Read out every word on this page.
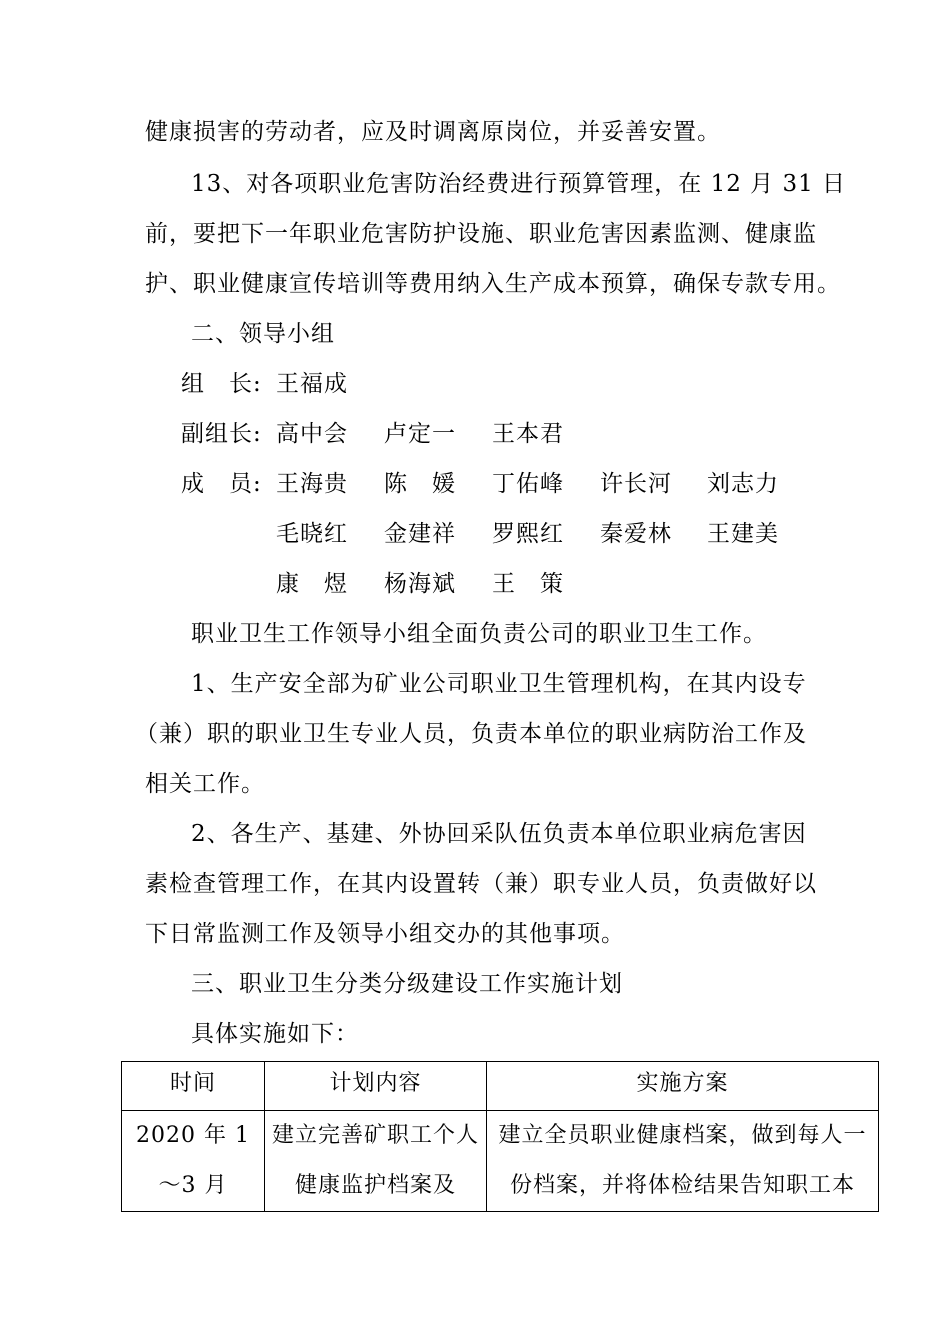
健康损害的劳动者，应及时调离原岗位，并妥善安置。
13、对各项职业危害防治经费进行预算管理，在 12 月 31 日
前，要把下一年职业危害防护设施、职业危害因素监测、健康监
护、职业健康宣传培训等费用纳入生产成本预算，确保专款专用。
二、领导小组
组　长: 王福成
副组长: 高中会 卢定一 王本君
成　员: 王海贵 陈　媛 丁佑峰 许长河 刘志力
毛晓红 金建祥 罗熙红 秦爱林 王建美
康　煜 杨海斌 王　策
职业卫生工作领导小组全面负责公司的职业卫生工作。
1、生产安全部为矿业公司职业卫生管理机构，在其内设专
（兼）职的职业卫生专业人员，负责本单位的职业病防治工作及
相关工作。
2、各生产、基建、外协回采队伍负责本单位职业病危害因
素检查管理工作，在其内设置转（兼）职专业人员，负责做好以
下日常监测工作及领导小组交办的其他事项。
三、职业卫生分类分级建设工作实施计划
具体实施如下：
时间	计划内容	实施方案
2020 年 1～3 月	建立完善矿职工个人健康监护档案及	建立全员职业健康档案，做到每人一份档案，并将体检结果告知职工本
